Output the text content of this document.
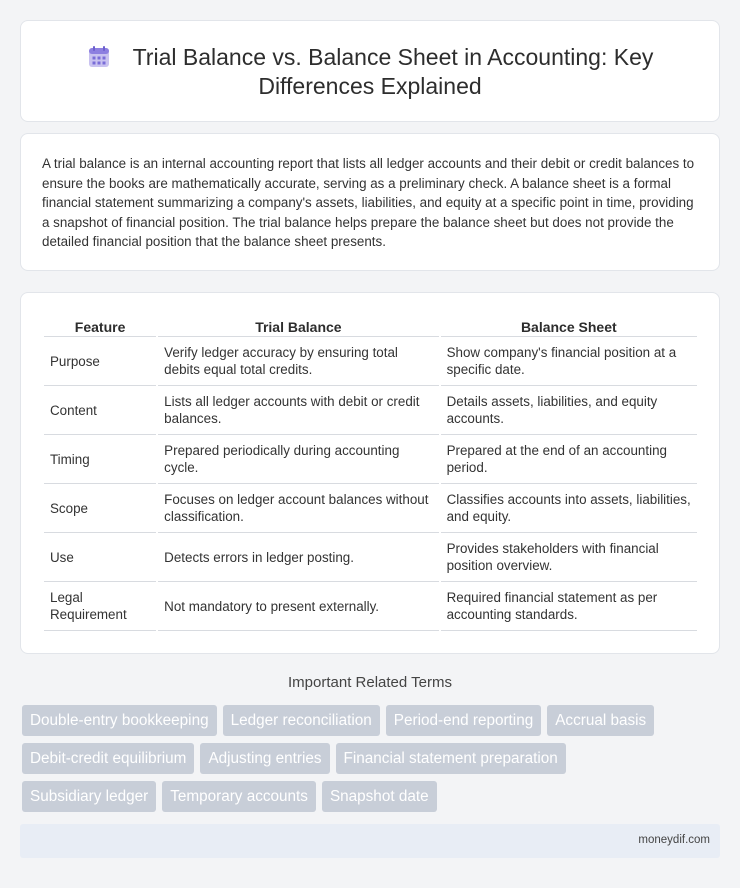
Trial Balance vs. Balance Sheet in Accounting: Key Differences Explained

A trial balance is an internal accounting report that lists all ledger accounts and their debit or credit balances to ensure the books are mathematically accurate, serving as a preliminary check. A balance sheet is a formal financial statement summarizing a company's assets, liabilities, and equity at a specific point in time, providing a snapshot of financial position. The trial balance helps prepare the balance sheet but does not provide the detailed financial position that the balance sheet presents.

Feature	Trial Balance	Balance Sheet
Purpose	Verify ledger accuracy by ensuring total debits equal total credits.	Show company's financial position at a specific date.
Content	Lists all ledger accounts with debit or credit balances.	Details assets, liabilities, and equity accounts.
Timing	Prepared periodically during accounting cycle.	Prepared at the end of an accounting period.
Scope	Focuses on ledger account balances without classification.	Classifies accounts into assets, liabilities, and equity.
Use	Detects errors in ledger posting.	Provides stakeholders with financial position overview.
Legal Requirement	Not mandatory to present externally.	Required financial statement as per accounting standards.
Important Related Terms
Double-entry bookkeeping	Ledger reconciliation	Period-end reporting	Accrual basis
Debit-credit equilibrium	Adjusting entries	Financial statement preparation
Subsidiary ledger	Temporary accounts	Snapshot date
moneydif.com
